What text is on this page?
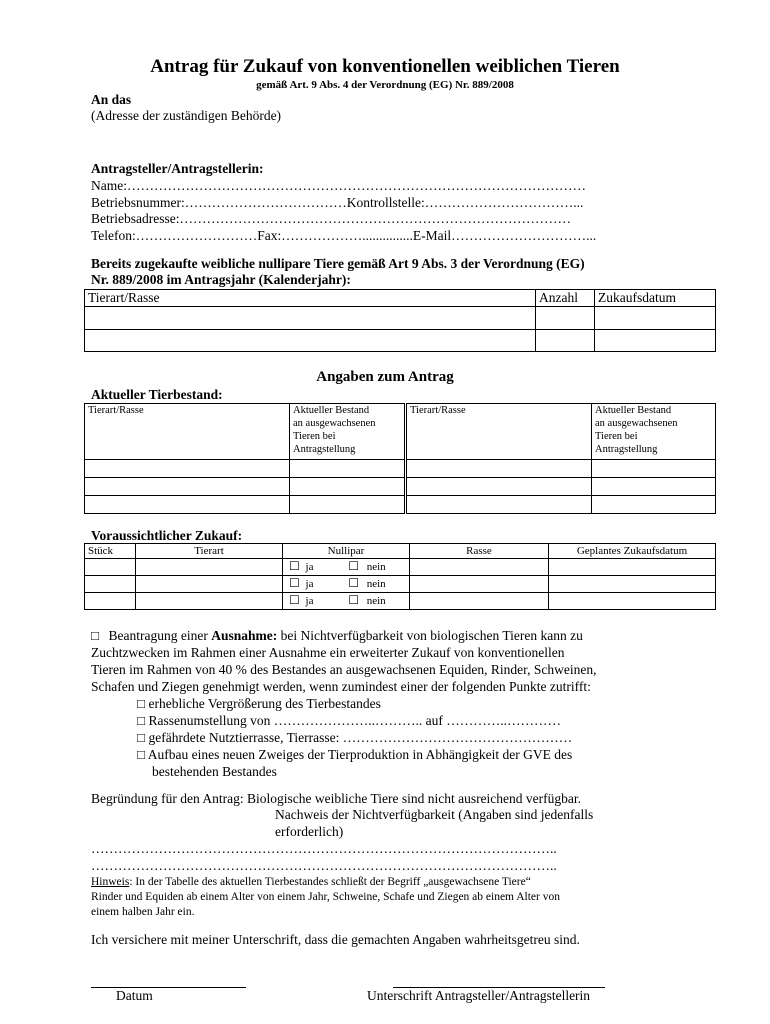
Antrag für Zukauf von konventionellen weiblichen Tieren
gemäß Art. 9 Abs. 4 der Verordnung (EG) Nr. 889/2008
An das
(Adresse der zuständigen Behörde)
Antragsteller/Antragstellerin:
Name:…………………………………………………………………………………………
Betriebsnummer:………………………………Kontrollstelle:……………………………...
Betriebsadresse:……………………………………………………………………………
Telefon:………………………Fax:………………...............E-Mail…………………………...
Bereits zugekaufte weibliche nullipare Tiere gemäß Art 9 Abs. 3 der Verordnung (EG)
Nr. 889/2008 im Antragsjahr (Kalenderjahr):
Tierart/Rasse	Anzahl	Zukaufsdatum

Angaben zum Antrag
Aktueller Tierbestand:
Tierart/Rasse	Aktueller Bestand
an ausgewachsenen
Tieren bei
Antragstellung	Tierart/Rasse	Aktueller Bestand
an ausgewachsenen
Tieren bei
Antragstellung

Voraussichtlicher Zukauf:
Stück	Tierart	Nullipar	Rasse	Geplantes Zukaufsdatum
		☐ ja ☐ nein		
		☐ ja ☐ nein		
		☐ ja ☐ nein		
□ Beantragung einer Ausnahme: bei Nichtverfügbarkeit von biologischen Tieren kann zu
Zuchtzwecken im Rahmen einer Ausnahme ein erweiterter Zukauf von konventionellen
Tieren im Rahmen von 40 % des Bestandes an ausgewachsenen Equiden, Rinder, Schweinen,
Schafen und Ziegen genehmigt werden, wenn zumindest einer der folgenden Punkte zutrifft:
□ erhebliche Vergrößerung des Tierbestandes
□ Rassenumstellung von …………………..……….. auf …………..…………
□ gefährdete Nutztierrasse, Tierrasse: ……………………………………………
□ Aufbau eines neuen Zweiges der Tierproduktion in Abhängigkeit der GVE des
bestehenden Bestandes
Begründung für den Antrag: Biologische weibliche Tiere sind nicht ausreichend verfügbar.
Nachweis der Nichtverfügbarkeit (Angaben sind jedenfalls
erforderlich)
…………………………………………………………………………………………..
…………………………………………………………………………………………..
Hinweis: In der Tabelle des aktuellen Tierbestandes schließt der Begriff „ausgewachsene Tiere“
Rinder und Equiden ab einem Alter von einem Jahr, Schweine, Schafe und Ziegen ab einem Alter von
einem halben Jahr ein.
Ich versichere mit meiner Unterschrift, dass die gemachten Angaben wahrheitsgetreu sind.
Datum	Unterschrift Antragsteller/Antragstellerin
